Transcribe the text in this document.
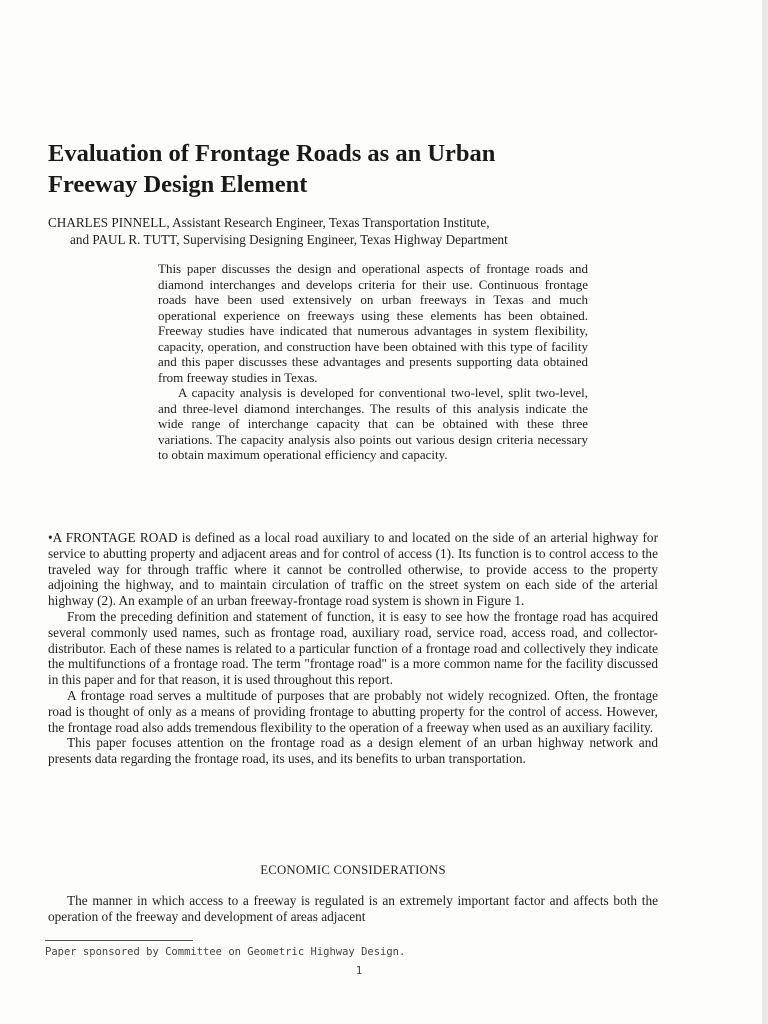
Evaluation of Frontage Roads as an Urban
Freeway Design Element
CHARLES PINNELL, Assistant Research Engineer, Texas Transportation Institute,
and PAUL R. TUTT, Supervising Designing Engineer, Texas Highway Department

This paper discusses the design and operational aspects of frontage roads and diamond interchanges and develops criteria for their use. Continuous frontage roads have been used extensively on urban freeways in Texas and much operational experience on freeways using these elements has been obtained. Freeway studies have indicated that numerous advantages in system flexibility, capacity, operation, and construction have been obtained with this type of facility and this paper discusses these advantages and presents supporting data obtained from freeway studies in Texas.

A capacity analysis is developed for conventional two-level, split two-level, and three-level diamond interchanges. The results of this analysis indicate the wide range of interchange capacity that can be obtained with these three variations. The capacity analysis also points out various design criteria necessary to obtain maximum operational efficiency and capacity.

•A FRONTAGE ROAD is defined as a local road auxiliary to and located on the side of an arterial highway for service to abutting property and adjacent areas and for control of access (1). Its function is to control access to the traveled way for through traffic where it cannot be controlled otherwise, to provide access to the property adjoining the highway, and to maintain circulation of traffic on the street system on each side of the arterial highway (2). An example of an urban freeway-frontage road system is shown in Figure 1.

From the preceding definition and statement of function, it is easy to see how the frontage road has acquired several commonly used names, such as frontage road, auxiliary road, service road, access road, and collector-distributor. Each of these names is related to a particular function of a frontage road and collectively they indicate the multifunctions of a frontage road. The term "frontage road" is a more common name for the facility discussed in this paper and for that reason, it is used throughout this report.

A frontage road serves a multitude of purposes that are probably not widely recognized. Often, the frontage road is thought of only as a means of providing frontage to abutting property for the control of access. However, the frontage road also adds tremendous flexibility to the operation of a freeway when used as an auxiliary facility.

This paper focuses attention on the frontage road as a design element of an urban highway network and presents data regarding the frontage road, its uses, and its benefits to urban transportation.

ECONOMIC CONSIDERATIONS

The manner in which access to a freeway is regulated is an extremely important factor and affects both the operation of the freeway and development of areas adjacent

Paper sponsored by Committee on Geometric Highway Design.
1
